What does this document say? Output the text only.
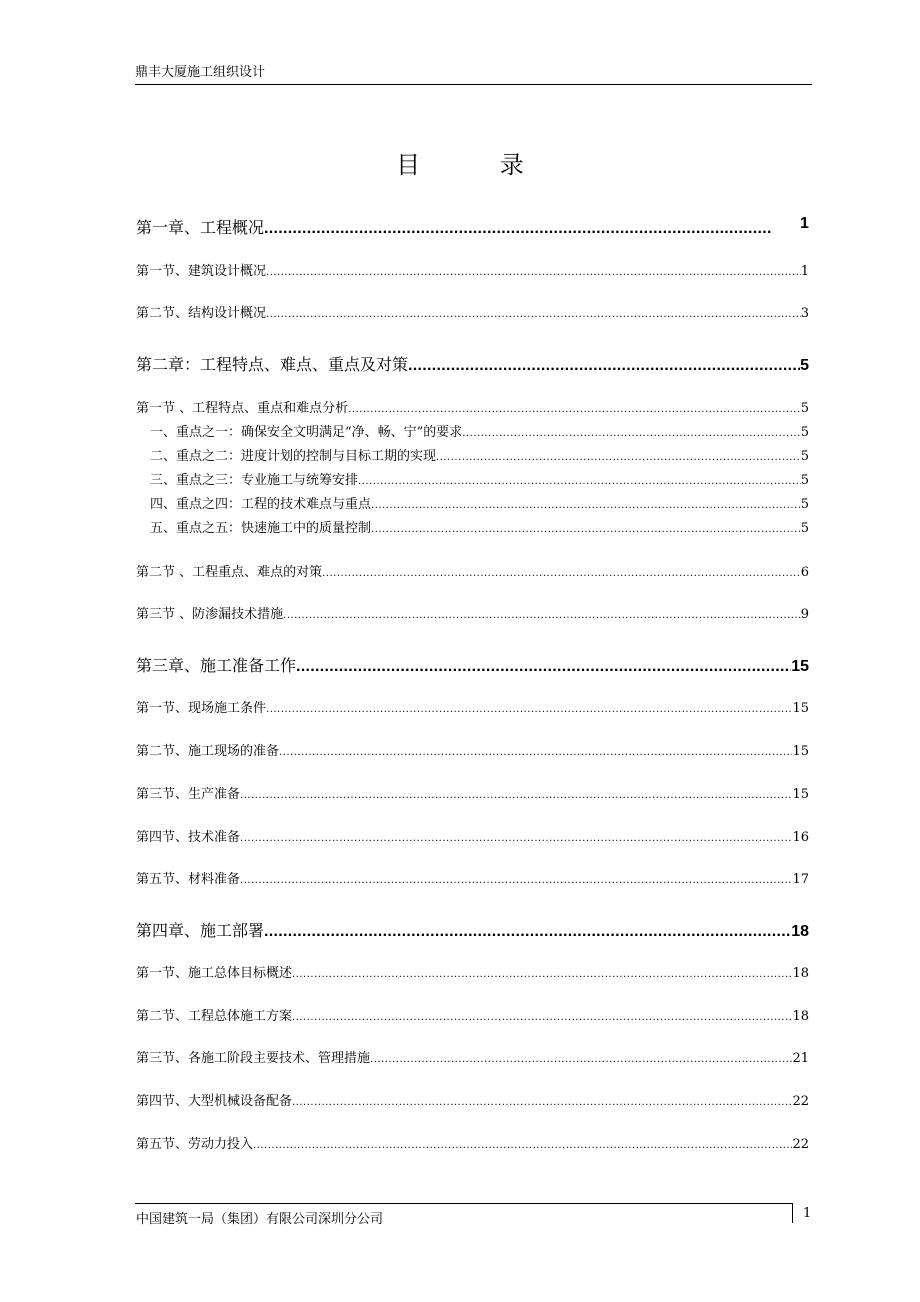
鼎丰大厦施工组织设计
目 录
第一章、工程概况 .....	1
第一节、建筑设计概况 .....	1
第二节、结构设计概况 .....	3
第二章：工程特点、难点、重点及对策 .....	5
第一节 、工程特点、重点和难点分析 .....	5
一、重点之一：确保安全文明满足“净、畅、宁”的要求 .....	5
二、重点之二：进度计划的控制与目标工期的实现 .....	5
三、重点之三：专业施工与统筹安排 .....	5
四、重点之四：工程的技术难点与重点 .....	5
五、重点之五：快速施工中的质量控制 .....	5
第二节 、工程重点、难点的对策 .....	6
第三节 、防渗漏技术措施 .....	9
第三章、施工准备工作 .....	15
第一节、现场施工条件 .....	15
第二节、施工现场的准备 .....	15
第三节、生产准备 .....	15
第四节、技术准备 .....	16
第五节、材料准备 .....	17
第四章、施工部署 .....	18
第一节、施工总体目标概述 .....	18
第二节、工程总体施工方案 .....	18
第三节、各施工阶段主要技术、管理措施 .....	21
第四节、大型机械设备配备 .....	22
第五节、劳动力投入 .....	22
中国建筑一局（集团）有限公司深圳分公司	1
